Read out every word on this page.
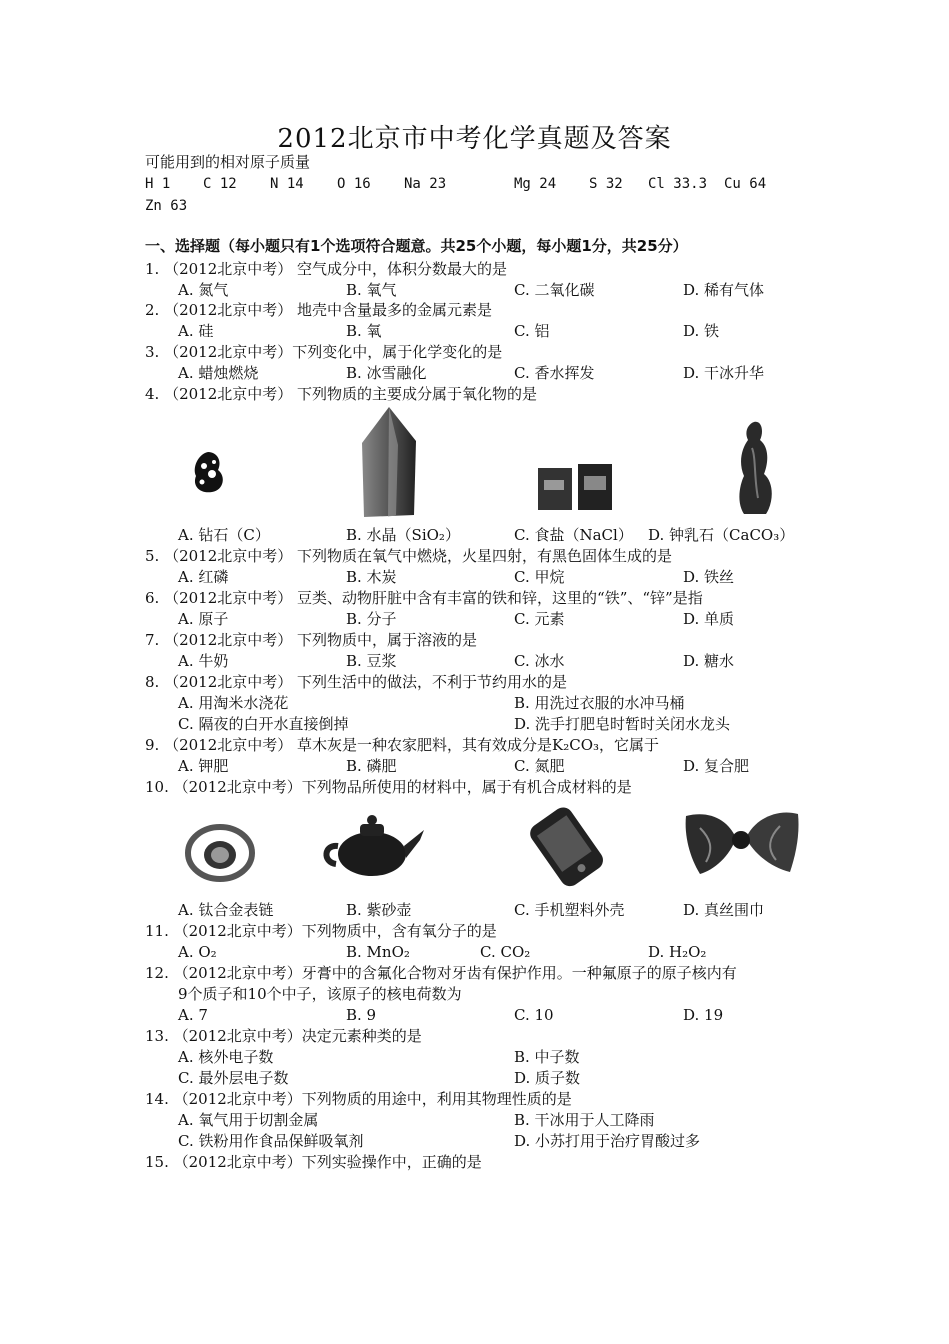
2012北京市中考化学真题及答案
可能用到的相对原子质量
H 1 C 12 N 14 O 16 Na 23	Mg 24 S 32 Cl 33.3 Cu 64
Zn 63
一、选择题（每小题只有1个选项符合题意。共25个小题，每小题1分，共25分）
1. （2012北京中考） 空气成分中，体积分数最大的是
A. 氮气	B. 氧气	C. 二氧化碳	D. 稀有气体
2. （2012北京中考） 地壳中含量最多的金属元素是
A. 硅	B. 氧	C. 铝	D. 铁
3. （2012北京中考）下列变化中，属于化学变化的是
A. 蜡烛燃烧	B. 冰雪融化	C. 香水挥发	D. 干冰升华
4. （2012北京中考） 下列物质的主要成分属于氧化物的是
A. 钻石（C）	B. 水晶（SiO₂）	C. 食盐（NaCl） D. 钟乳石（CaCO₃）
5. （2012北京中考） 下列物质在氧气中燃烧，火星四射，有黑色固体生成的是
A. 红磷	B. 木炭	C. 甲烷	D. 铁丝
6. （2012北京中考） 豆类、动物肝脏中含有丰富的铁和锌，这里的“铁”、“锌”是指
A. 原子	B. 分子	C. 元素	D. 单质
7. （2012北京中考） 下列物质中，属于溶液的是
A. 牛奶	B. 豆浆	C. 冰水	D. 糖水
8. （2012北京中考） 下列生活中的做法，不利于节约用水的是
A. 用淘米水浇花	B. 用洗过衣服的水冲马桶
C. 隔夜的白开水直接倒掉	D. 洗手打肥皂时暂时关闭水龙头
9. （2012北京中考） 草木灰是一种农家肥料，其有效成分是K₂CO₃，它属于
A. 钾肥	B. 磷肥	C. 氮肥	D. 复合肥
10. （2012北京中考）下列物品所使用的材料中，属于有机合成材料的是
A. 钛合金表链	B. 紫砂壶	C. 手机塑料外壳	D. 真丝围巾
11. （2012北京中考）下列物质中，含有氧分子的是
A. O₂	B. MnO₂	C. CO₂	D. H₂O₂
12. （2012北京中考）牙膏中的含氟化合物对牙齿有保护作用。一种氟原子的原子核内有
9个质子和10个中子，该原子的核电荷数为
A. 7	B. 9	C. 10	D. 19
13. （2012北京中考）决定元素种类的是
A. 核外电子数	B. 中子数
C. 最外层电子数	D. 质子数
14. （2012北京中考）下列物质的用途中，利用其物理性质的是
A. 氧气用于切割金属	B. 干冰用于人工降雨
C. 铁粉用作食品保鲜吸氧剂	D. 小苏打用于治疗胃酸过多
15. （2012北京中考）下列实验操作中，正确的是
